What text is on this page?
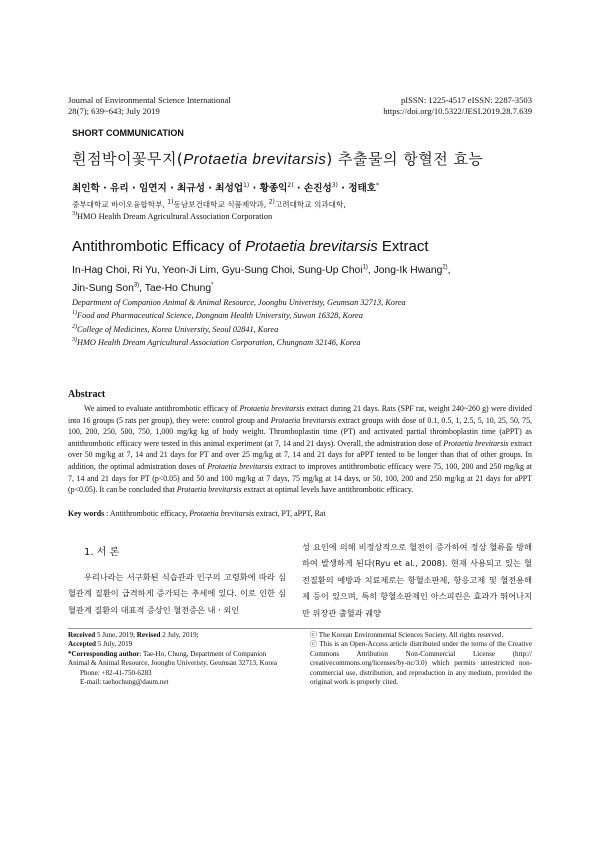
Journal of Environmental Science International
28(7); 639~643; July 2019
pISSN: 1225-4517 eISSN: 2287-3503
https://doi.org/10.5322/JESI.2019.28.7.639
SHORT COMMUNICATION
흰점박이꽃무지(Protaetia brevitarsis) 추출물의 항혈전 효능
최인학 · 유리 · 임연지 · 최규성 · 최성업$^{1)}$ · 황종익$^{2)}$ · 손진성$^{3)}$ · 정태호*
중부대학교 바이오융합학부, $^{1)}$동남보건대학교 식품제약과, $^{2)}$고려대학교 의과대학,
$^{3)}$HMO Health Dream Agricultural Association Corporation
Antithrombotic Efficacy of Protaetia brevitarsis Extract
In-Hag Choi, Ri Yu, Yeon-Ji Lim, Gyu-Sung Choi, Sung-Up Choi$^{1)}$, Jong-Ik Hwang$^{2)}$,
Jin-Sung Son$^{3)}$, Tae-Ho Chung*
Department of Companion Animal & Animal Resource, Joongbu Univeristy, Geumsan 32713, Korea
$^{1)}$Food and Pharmaceutical Science, Dongnam Health University, Suwon 16328, Korea
$^{2)}$College of Medicines, Korea University, Seoul 02841, Korea
$^{3)}$HMO Health Dream Agricultural Association Corporation, Chungnam 32146, Korea
Abstract
We aimed to evaluate antithrombotic efficacy of Protaetia brevitarsis extract during 21 days. Rats (SPF rat, weight 240~260 g) were divided into 16 groups (5 rats per group), they were: control group and Protaetia brevitarsis extract groups with dose of 0.1, 0.5, 1, 2.5, 5, 10, 25, 50, 75, 100, 200, 250, 500, 750, 1,000 mg/kg kg of body weight. Thromboplastin time (PT) and activated partial thromboplastin time (aPPT) as antithrombotic efficacy were tested in this animal experiment (at 7, 14 and 21 days). Overall, the admistration dose of Protaetia brevitarsis extract over 50 mg/kg at 7, 14 and 21 days for PT and over 25 mg/kg at 7, 14 and 21 days for aPPT tented to be longer than that of other groups. In addition, the optimal admistration doses of Protaetia brevitarsis extract to improves antithrombotic efficacy were 75, 100, 200 and 250 mg/kg at 7, 14 and 21 days for PT (p<0.05) and 50 and 100 mg/kg at 7 days, 75 mg/kg at 14 days, or 50, 100, 200 and 250 mg/kg at 21 days for aPPT (p<0.05). It can be concluded that Protaetia brevitarsis extract at optimal levels have antithrombotic efficacy.
Key words : Antithrombotic efficacy, Protaetia brevitarsis extract, PT, aPPT, Rat
1. 서 론
우리나라는 서구화된 식습관과 인구의 고령화에 따라 심혈관계 질환이 급격하게 증가되는 추세에 있다. 이로 인한 심혈관계 질환의 대표적 증상인 혈전증은 내ㆍ외인
성 요인에 의해 비정상적으로 혈전이 증가하여 정상 혈류를 방해하여 발생하게 된다(Ryu et al., 2008). 현재 사용되고 있는 혈전질환의 예방과 치료제로는 항혈소판제, 항응고제 및 혈전용해제 등이 있으며, 특히 항혈소판제인 아스피린은 효과가 뛰어나지만 위장관 출혈과 궤양
Received 5 June, 2019; Revised 2 July, 2019;
Accepted 5 July, 2019
*Corresponding author: Tae-Ho, Chung, Department of Companion Animal & Animal Resource, Joongbu Univeristy, Geumsan 32713, Korea
Phone: +82-41-750-6283
E-mail: taehochung@daum.net
ⓒ The Korean Environmental Sciences Society. All rights reserved.
ⓒ This is an Open-Access article distributed under the terms of the Creative Commons Attribution Non-Commercial License (http:// creativecommons.org/licenses/by-nc/3.0) which permits unrestricted non-commercial use, distribution, and reproduction in any medium, provided the original work is properly cited.
